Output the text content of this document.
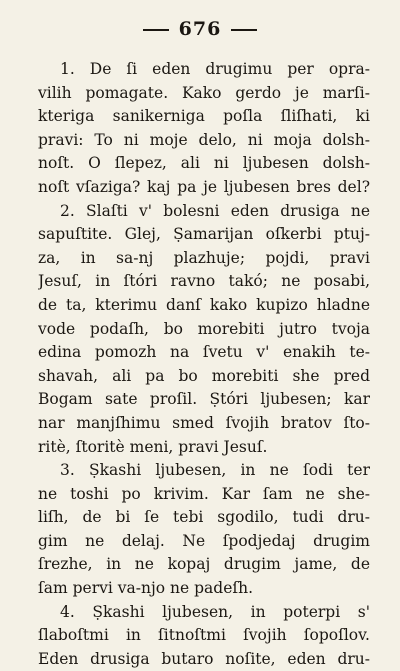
676
1. De ſi eden drugimu per opra-
vilih pomagate. Kako gerdo je marſi-
kteriga sanikerniga poſla ſliſhati, ki
pravi: To ni moje delo, ni moja dolsh-
noſt. O ſlepez, ali ni ljubesen dolsh-
noſt vſaziga? kaj pa je ljubesen bres del?
2. Slaſti v' bolesni eden drusiga ne
sapuſtite. Glej, Ṣamarijan oſkerbi ptuj-
za, in sa-nj plazhuje; pojdi, pravi
Jesuſ, in ſtóri ravno takó; ne posabi,
de ta, kterimu danſ kako kupizo hladne
vode podaſh, bo morebiti jutro tvoja
edina pomozh na ſvetu v' enakih te-
shavah, ali pa bo morebiti she pred
Bogam sate proſil. Ṣtóri ljubesen; kar
nar manjſhimu smed ſvojih bratov ſto-
ritè, ſtoritè meni, pravi Jesuſ.
3. Ṣkashi ljubesen, in ne ſodi ter
ne toshi po krivim. Kar ſam ne she-
liſh, de bi ſe tebi sgodilo, tudi dru-
gim ne delaj. Ne ſpodjedaj drugim
ſrezhe, in ne kopaj drugim jame, de
ſam pervi va-njo ne padeſh.
4. Ṣkashi ljubesen, in poterpi s'
ſlaboſtmi in ſitnoſtmi ſvojih ſopoſlov.
Eden drusiga butaro noſite, eden dru-
